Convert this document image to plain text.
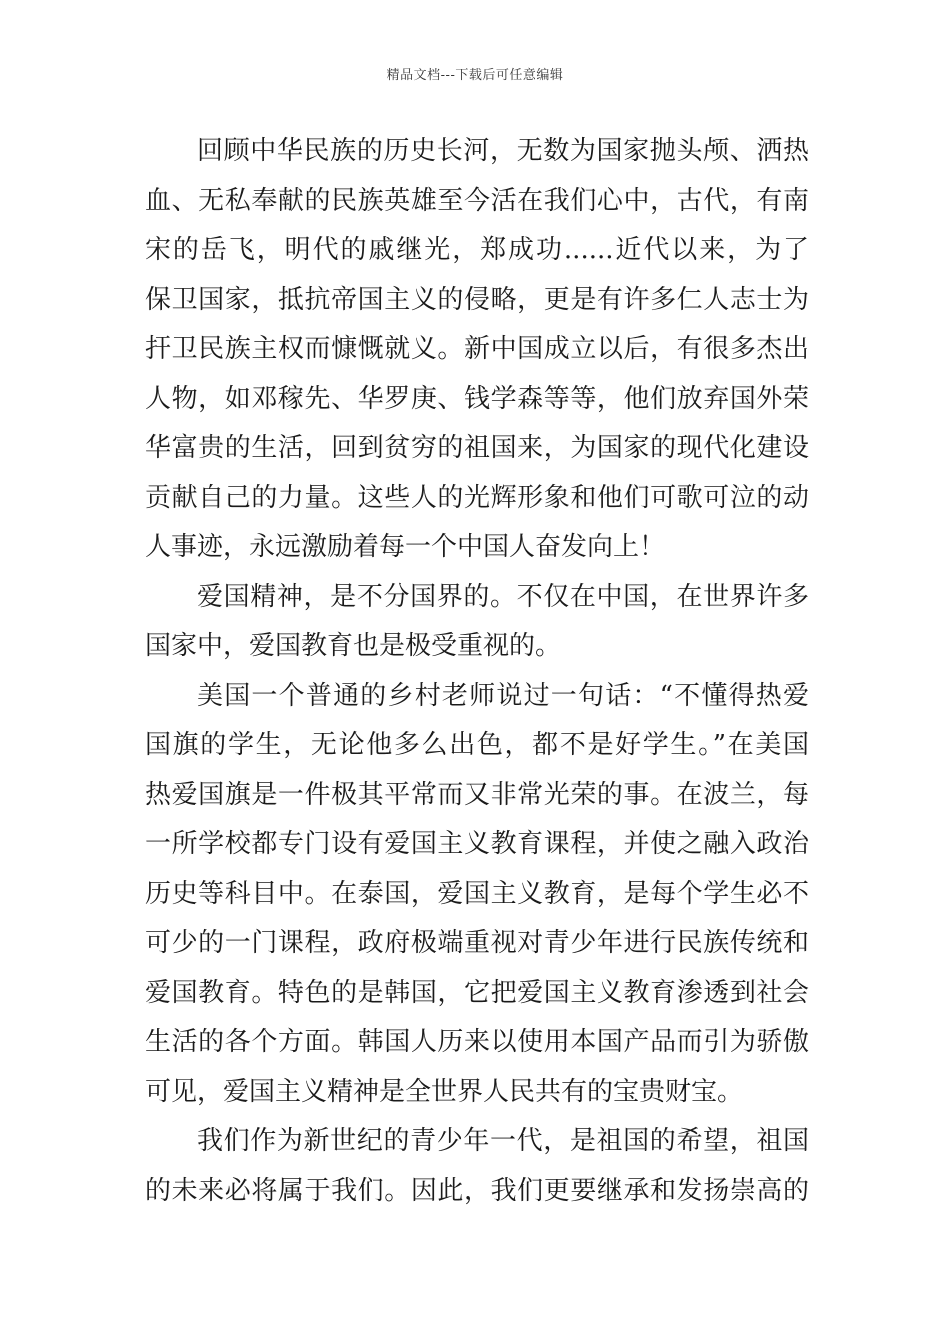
精品文档---下载后可任意编辑
回顾中华民族的历史长河，无数为国家抛头颅、洒热
血、无私奉献的民族英雄至今活在我们心中，古代，有南
宋的岳飞，明代的戚继光，郑成功......近代以来，为了
保卫国家，抵抗帝国主义的侵略，更是有许多仁人志士为
扞卫民族主权而慷慨就义。新中国成立以后，有很多杰出
人物，如邓稼先、华罗庚、钱学森等等，他们放弃国外荣
华富贵的生活，回到贫穷的祖国来，为国家的现代化建设
贡献自己的力量。这些人的光辉形象和他们可歌可泣的动
人事迹，永远激励着每一个中国人奋发向上！
爱国精神，是不分国界的。不仅在中国，在世界许多
国家中，爱国教育也是极受重视的。
美国一个普通的乡村老师说过一句话：“不懂得热爱
国旗的学生，无论他多么出色，都不是好学生。”在美国
热爱国旗是一件极其平常而又非常光荣的事。在波兰，每
一所学校都专门设有爱国主义教育课程，并使之融入政治
历史等科目中。在泰国，爱国主义教育，是每个学生必不
可少的一门课程，政府极端重视对青少年进行民族传统和
爱国教育。特色的是韩国，它把爱国主义教育渗透到社会
生活的各个方面。韩国人历来以使用本国产品而引为骄傲
可见，爱国主义精神是全世界人民共有的宝贵财宝。
我们作为新世纪的青少年一代，是祖国的希望，祖国
的未来必将属于我们。因此，我们更要继承和发扬崇高的
